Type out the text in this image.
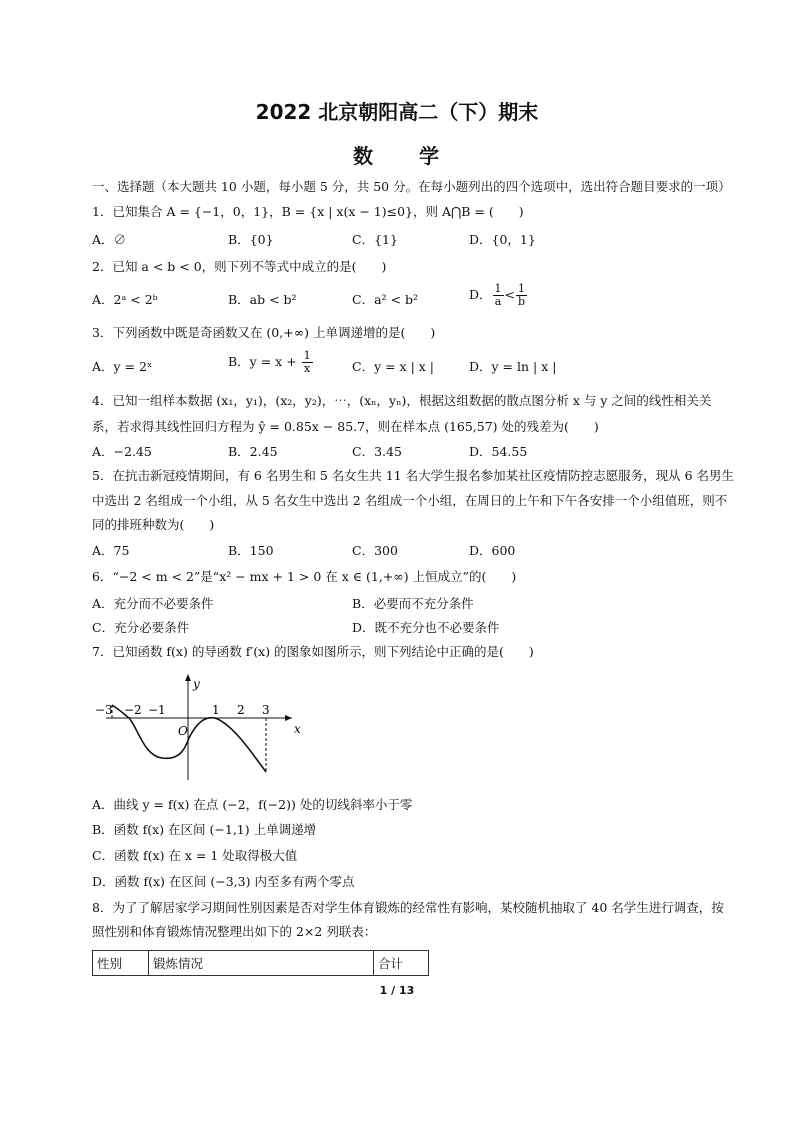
2022 北京朝阳高二（下）期末
数　　学
一、选择题（本大题共 10 小题，每小题 5 分，共 50 分。在每小题列出的四个选项中，选出符合题目要求的一项）
1．已知集合 A = {−1，0，1}，B = {x | x(x − 1)≤0}，则 A⋂B = (　　)
A．∅	B．{0}	C．{1}	D．{0，1}
2．已知 a < b < 0，则下列不等式中成立的是(　　)
A．2ᵃ < 2ᵇ	B．ab < b²	C．a² < b²	D． $\frac{1}{a} < \frac{1}{b}$
3．下列函数中既是奇函数又在 (0,+∞) 上单调递增的是(　　)
A．y = 2ˣ	B．$y = x + \frac{1}{x}$	C．y = x | x |	D．y = ln | x |
4．已知一组样本数据 (x₁，y₁)，(x₂，y₂)，⋯，(xₙ，yₙ)，根据这组数据的散点图分析 x 与 y 之间的线性相关关
系，若求得其线性回归方程为 ŷ = 0.85x − 85.7，则在样本点 (165,57) 处的残差为(　　)
A．−2.45	B．2.45	C．3.45	D．54.55
5．在抗击新冠疫情期间，有 6 名男生和 5 名女生共 11 名大学生报名参加某社区疫情防控志愿服务，现从 6 名男生
中选出 2 名组成一个小组，从 5 名女生中选出 2 名组成一个小组，在周日的上午和下午各安排一个小组值班，则不
同的排班种数为(　　)
A．75	B．150	C．300	D．600
6．“−2 < m < 2”是“x² − mx + 1 > 0 在 x ∈ (1,+∞) 上恒成立”的(　　)
A．充分而不必要条件	B．必要而不充分条件
C．充分必要条件	D．既不充分也不必要条件
7．已知函数 f(x) 的导函数 f′(x) 的图象如图所示，则下列结论中正确的是(　　)
y
x
O
−3 −2 −1	1 2 3
A．曲线 y = f(x) 在点 (−2，f(−2)) 处的切线斜率小于零
B．函数 f(x) 在区间 (−1,1) 上单调递增
C．函数 f(x) 在 x = 1 处取得极大值
D．函数 f(x) 在区间 (−3,3) 内至多有两个零点
8．为了了解居家学习期间性别因素是否对学生体育锻炼的经常性有影响，某校随机抽取了 40 名学生进行调查，按
照性别和体育锻炼情况整理出如下的 2×2 列联表：
性别	锻炼情况	合计
1 / 13
